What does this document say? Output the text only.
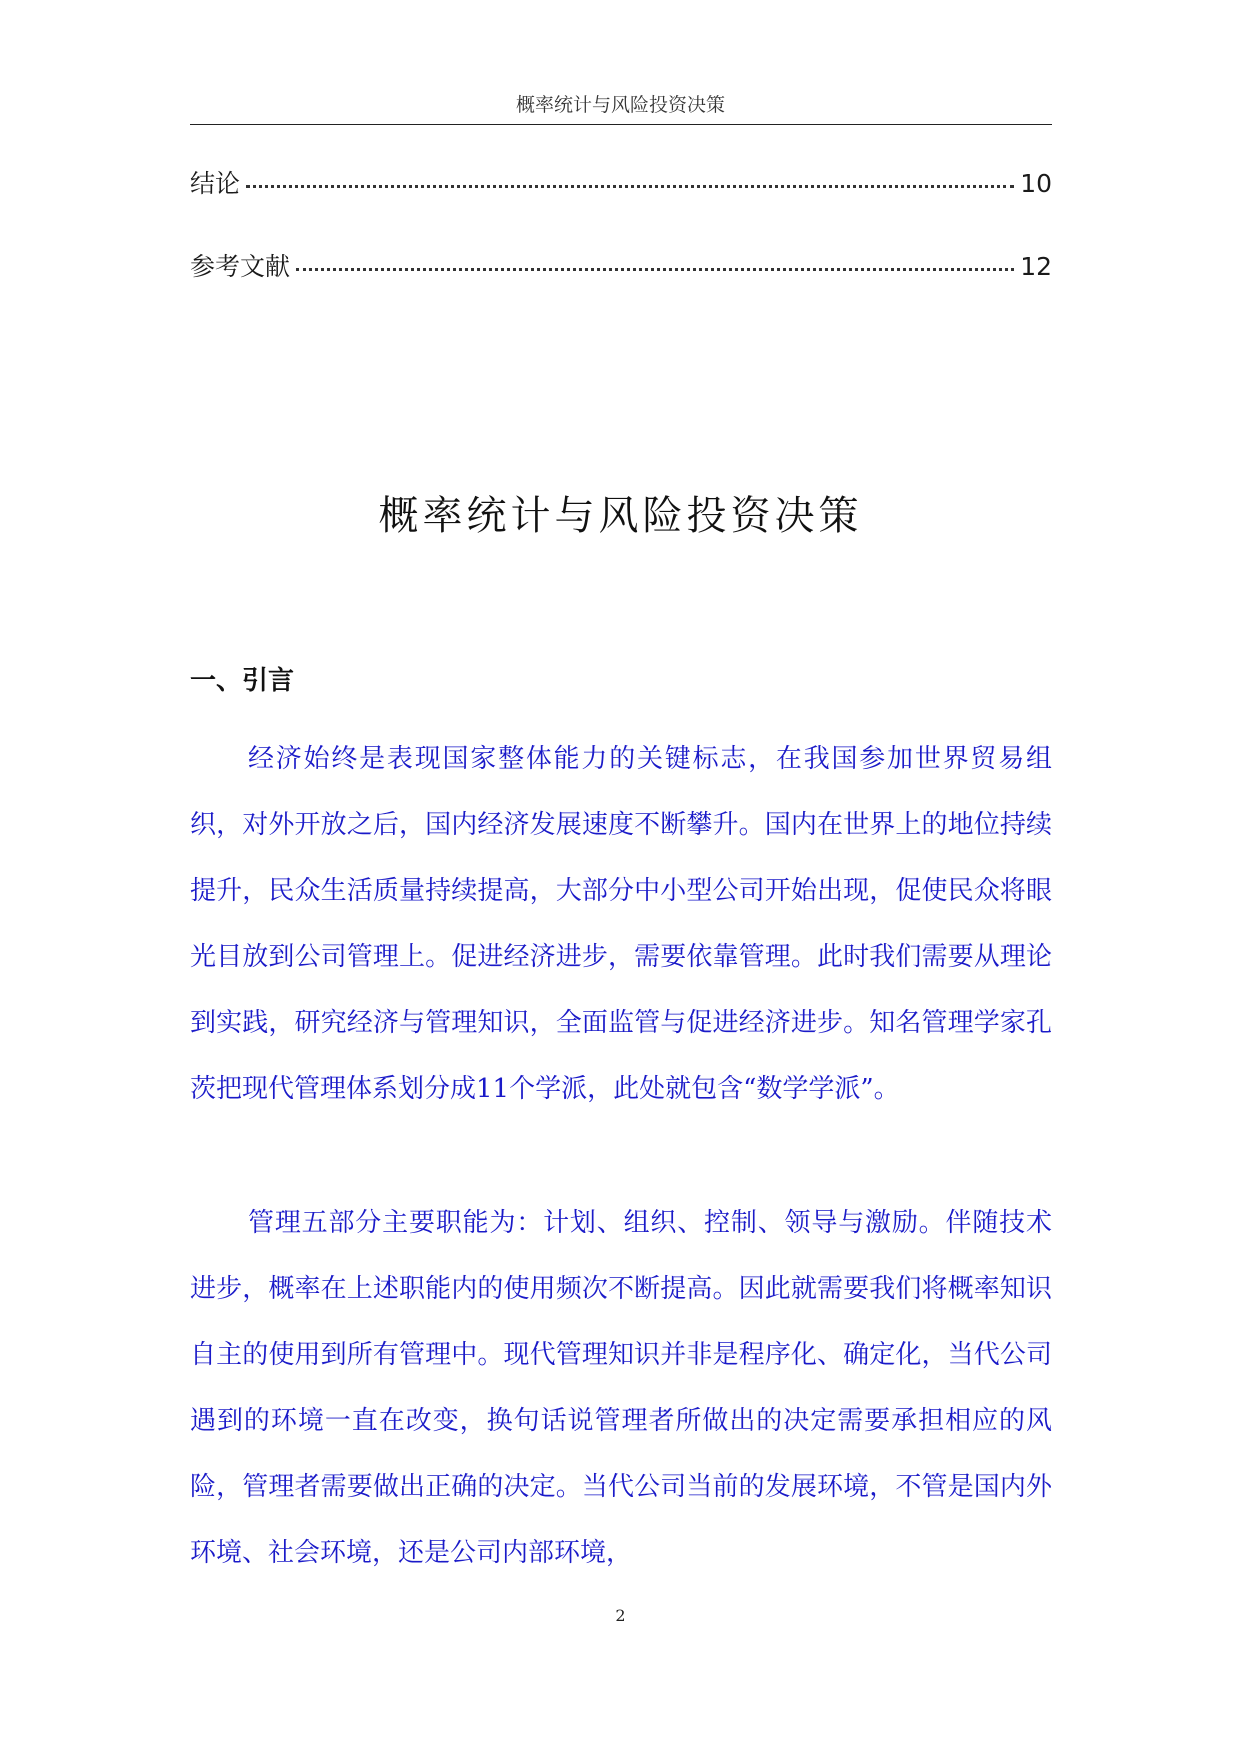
概率统计与风险投资决策
结论	10
参考文献	12
概率统计与风险投资决策
一、引言

经济始终是表现国家整体能力的关键标志，在我国参加世界贸易组织，对外开放之后，国内经济发展速度不断攀升。国内在世界上的地位持续提升，民众生活质量持续提高，大部分中小型公司开始出现，促使民众将眼光目放到公司管理上。促进经济进步，需要依靠管理。此时我们需要从理论到实践，研究经济与管理知识，全面监管与促进经济进步。知名管理学家孔茨把现代管理体系划分成11个学派，此处就包含“数学学派”。

管理五部分主要职能为：计划、组织、控制、领导与激励。伴随技术进步，概率在上述职能内的使用频次不断提高。因此就需要我们将概率知识自主的使用到所有管理中。现代管理知识并非是程序化、确定化，当代公司遇到的环境一直在改变，换句话说管理者所做出的决定需要承担相应的风险，管理者需要做出正确的决定。当代公司当前的发展环境，不管是国内外环境、社会环境，还是公司内部环境，

2
